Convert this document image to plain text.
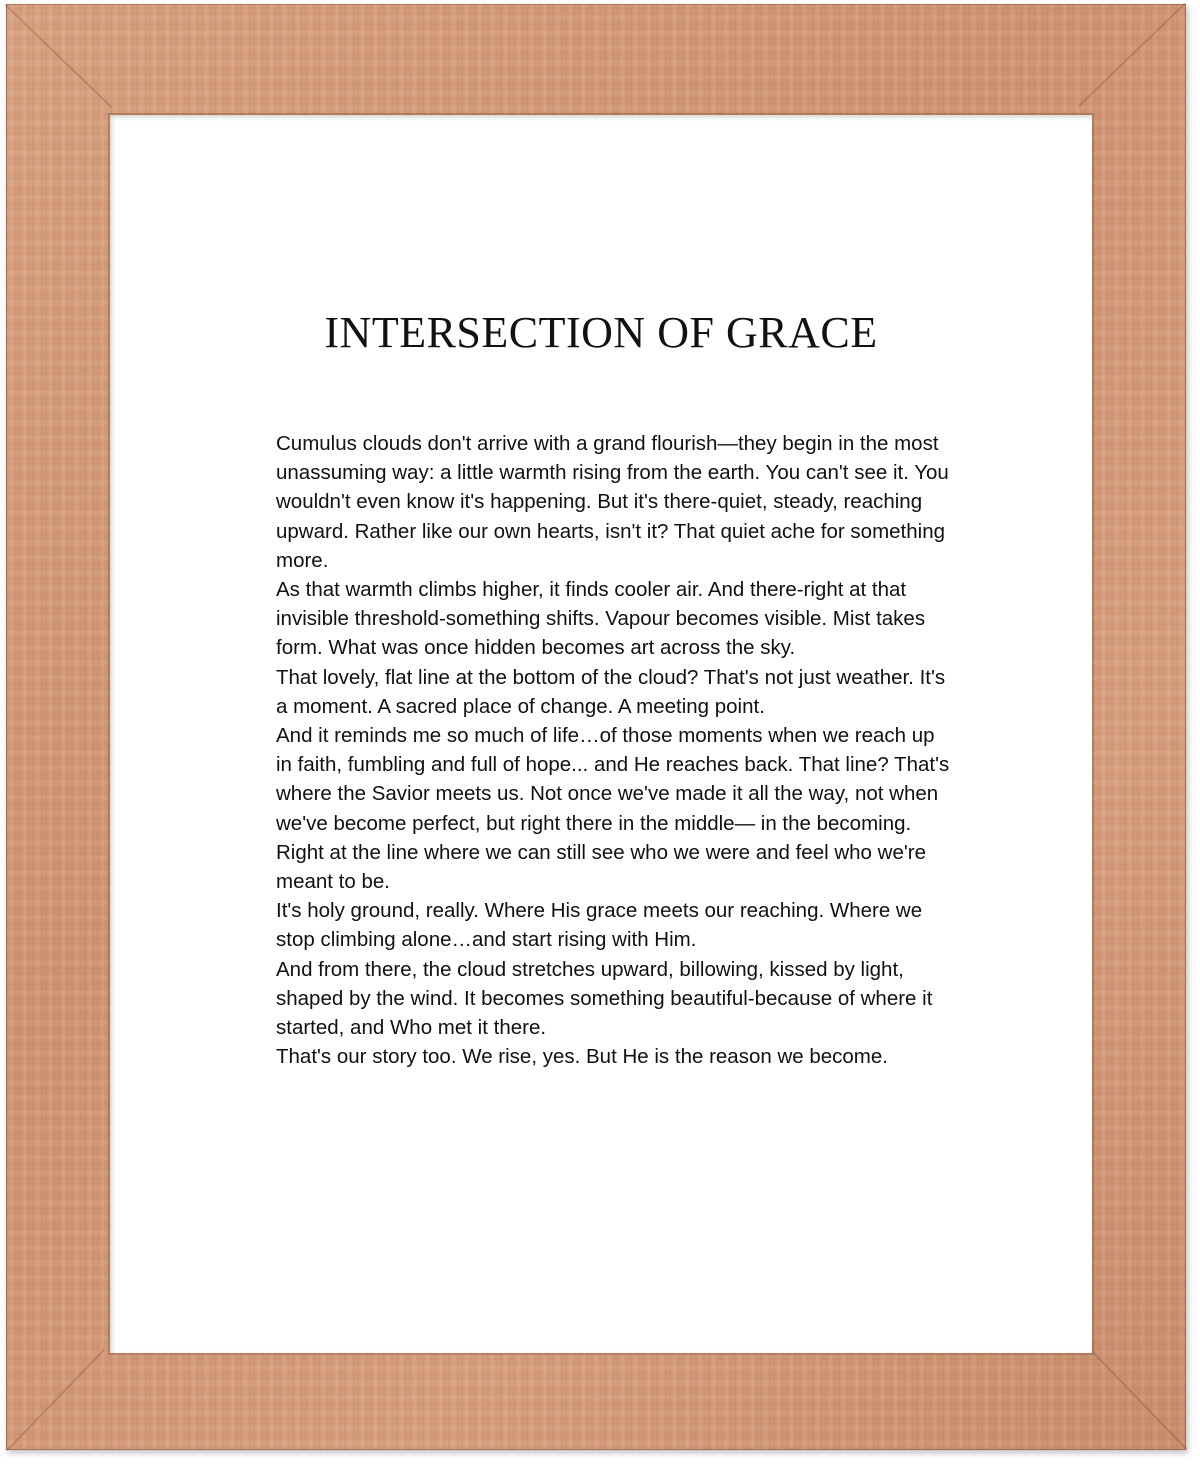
INTERSECTION OF GRACE

Cumulus clouds don't arrive with a grand flourish—they begin in the most unassuming way: a little warmth rising from the earth. You can't see it. You wouldn't even know it's happening. But it's there-quiet, steady, reaching upward. Rather like our own hearts, isn't it? That quiet ache for something more.

As that warmth climbs higher, it finds cooler air. And there-right at that invisible threshold-something shifts. Vapour becomes visible. Mist takes form. What was once hidden becomes art across the sky.

That lovely, flat line at the bottom of the cloud? That's not just weather. It's a moment. A sacred place of change. A meeting point.

And it reminds me so much of life…of those moments when we reach up in faith, fumbling and full of hope... and He reaches back. That line? That's where the Savior meets us. Not once we've made it all the way, not when we've become perfect, but right there in the middle— in the becoming. Right at the line where we can still see who we were and feel who we're meant to be.

It's holy ground, really. Where His grace meets our reaching. Where we stop climbing alone…and start rising with Him.

And from there, the cloud stretches upward, billowing, kissed by light, shaped by the wind. It becomes something beautiful-because of where it started, and Who met it there.

That's our story too. We rise, yes. But He is the reason we become.
